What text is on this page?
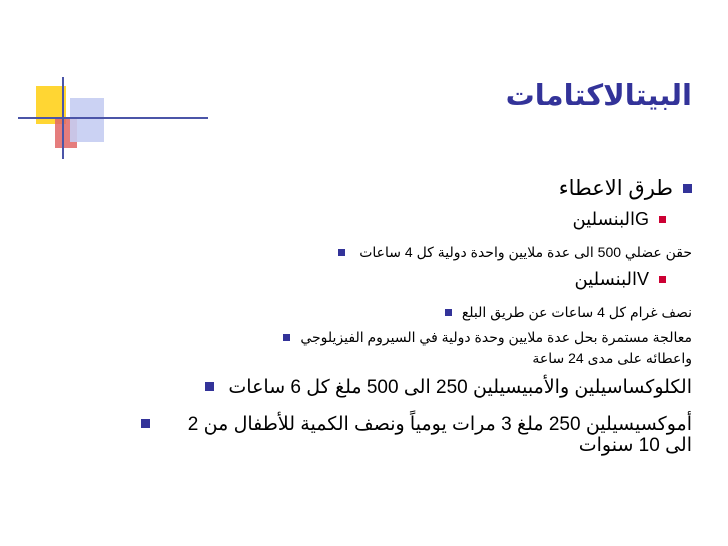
البيتالاكتامات
طرق الاعطاء
Gالبنسلين
حقن عضلي 500 الى عدة ملايين واحدة دولية كل 4 ساعات
Vالبنسلين
نصف غرام كل 4 ساعات عن طريق البلع
معالجة مستمرة بحل عدة ملايين وحدة دولية في السيروم الفيزيلوجي
واعطائه على مدى 24 ساعة
الكلوكساسيلين والأمبيسيلين 250 الى 500 ملغ كل 6 ساعات
أموكسيسيلين 250 ملغ 3 مرات يومياً ونصف الكمية للأطفال من 2 الى 10 سنوات
